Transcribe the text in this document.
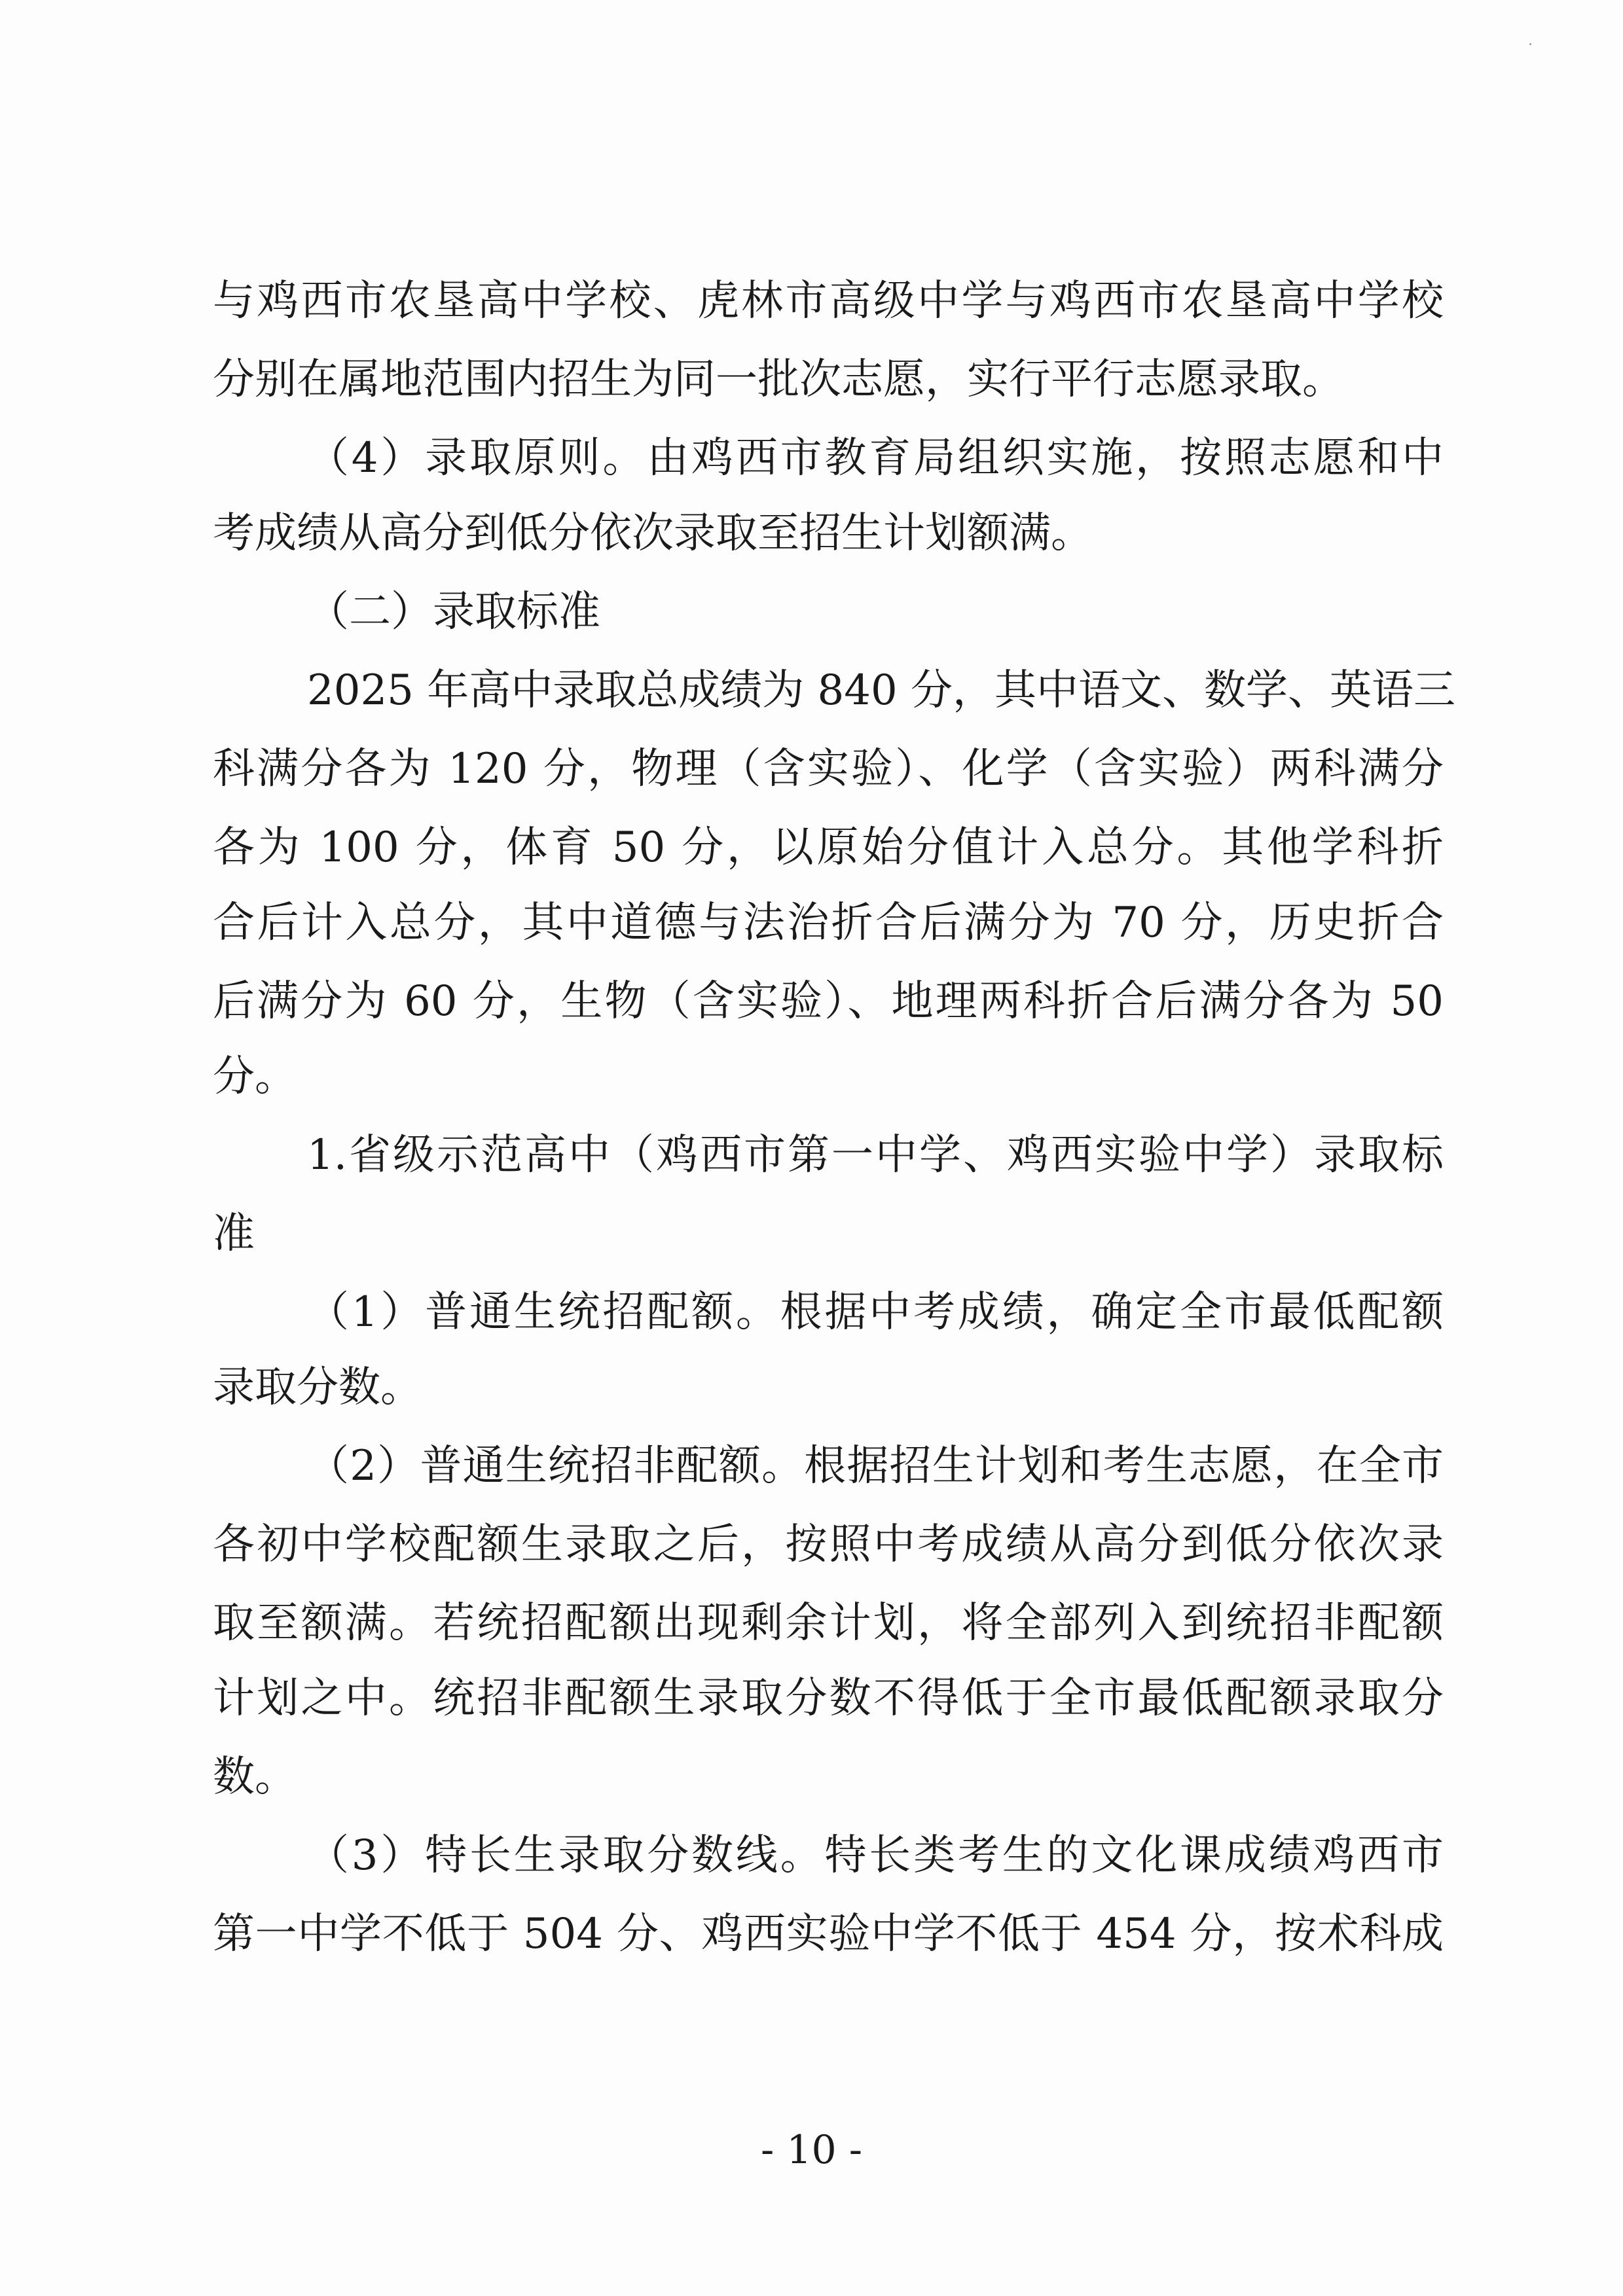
与鸡西市农垦高中学校、虎林市高级中学与鸡西市农垦高中学校
分别在属地范围内招生为同一批次志愿，实行平行志愿录取。
（4）录取原则。由鸡西市教育局组织实施，按照志愿和中
考成绩从高分到低分依次录取至招生计划额满。
（二）录取标准
2025 年高中录取总成绩为 840 分，其中语文、数学、英语三
科满分各为 120 分，物理（含实验）、化学（含实验）两科满分
各为 100 分，体育 50 分，以原始分值计入总分。其他学科折
合后计入总分，其中道德与法治折合后满分为 70 分，历史折合
后满分为 60 分，生物（含实验）、地理两科折合后满分各为 50
分。
1.省级示范高中（鸡西市第一中学、鸡西实验中学）录取标
准
（1）普通生统招配额。根据中考成绩，确定全市最低配额
录取分数。
（2）普通生统招非配额。根据招生计划和考生志愿，在全市
各初中学校配额生录取之后，按照中考成绩从高分到低分依次录
取至额满。若统招配额出现剩余计划，将全部列入到统招非配额
计划之中。统招非配额生录取分数不得低于全市最低配额录取分
数。
（3）特长生录取分数线。特长类考生的文化课成绩鸡西市
第一中学不低于 504 分、鸡西实验中学不低于 454 分，按术科成
- 10 -
